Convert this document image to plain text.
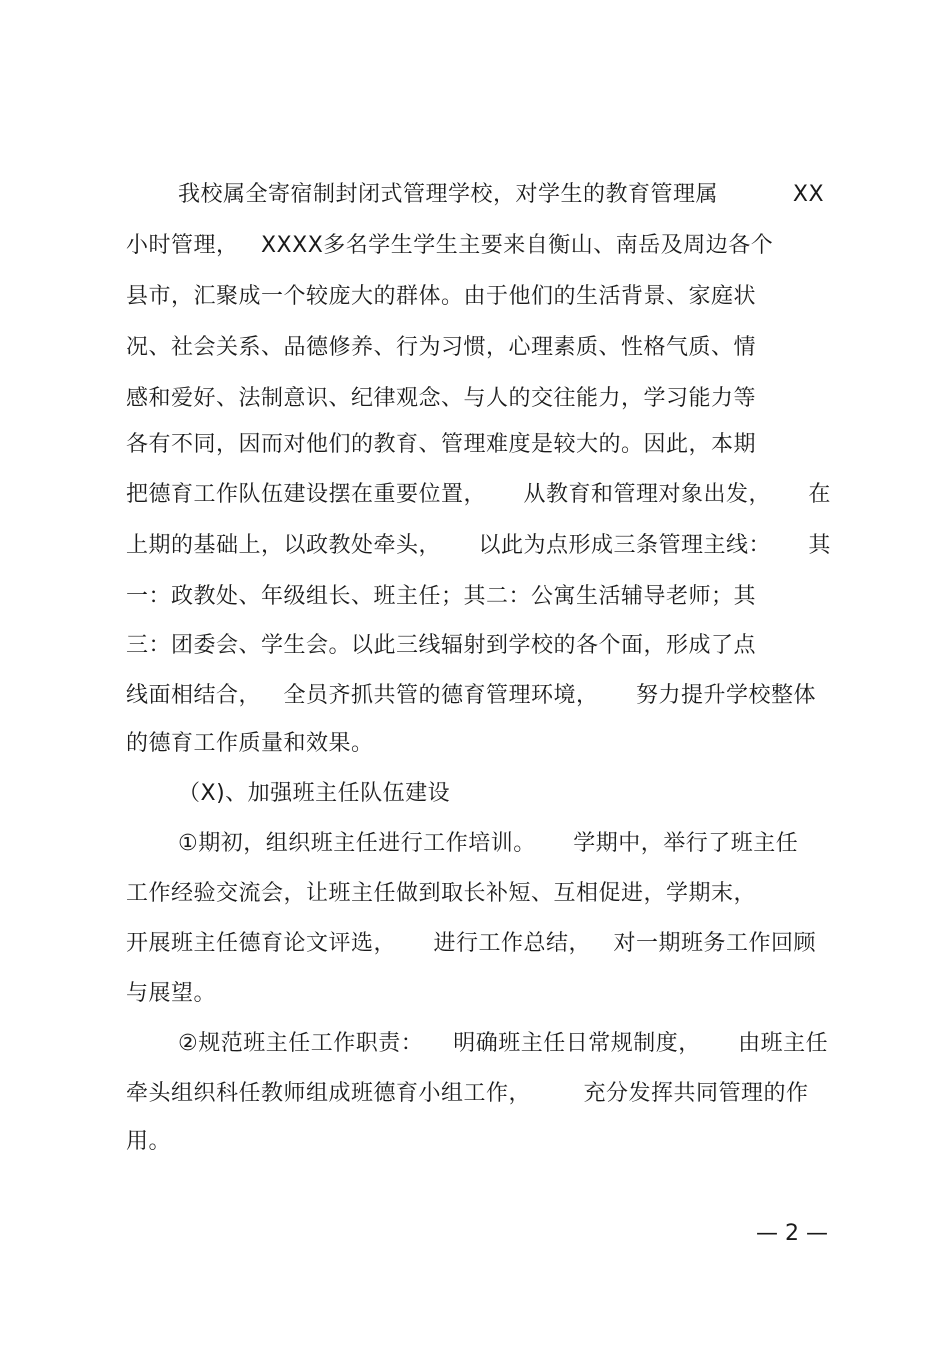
我校属全寄宿制封闭式管理学校，对学生的教育管理属          XX
小时管理，   XXXX多名学生学生主要来自衡山、南岳及周边各个
县市，汇聚成一个较庞大的群体。由于他们的生活背景、家庭状
况、社会关系、品德修养、行为习惯，心理素质、性格气质、情
感和爱好、法制意识、纪律观念、与人的交往能力，学习能力等
各有不同，因而对他们的教育、管理难度是较大的。因此，本期
把德育工作队伍建设摆在重要位置，     从教育和管理对象出发，     在
上期的基础上，以政教处牵头，     以此为点形成三条管理主线：     其
一：政教处、年级组长、班主任；其二：公寓生活辅导老师；其
三：团委会、学生会。以此三线辐射到学校的各个面，形成了点
线面相结合，   全员齐抓共管的德育管理环境，     努力提升学校整体
的德育工作质量和效果。
（X)、加强班主任队伍建设
①期初，组织班主任进行工作培训。     学期中，举行了班主任
工作经验交流会，让班主任做到取长补短、互相促进，学期末，
开展班主任德育论文评选，     进行工作总结，   对一期班务工作回顾
与展望。
②规范班主任工作职责：    明确班主任日常规制度，     由班主任
牵头组织科任教师组成班德育小组工作，       充分发挥共同管理的作
用。
— 2 —
